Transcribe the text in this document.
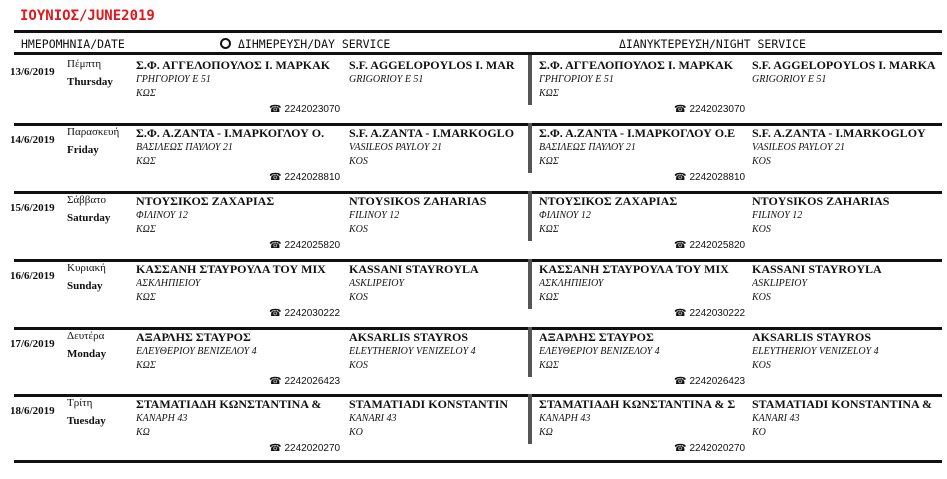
ΙΟΥΝΙΟΣ/JUNE2019
ΗΜΕΡΟΜΗΝΙΑ/DATE	ΔΙΗΜΕΡΕΥΣΗ/DAY SERVICE	ΔΙΑΝΥΚΤΕΡΕΥΣΗ/NIGHT SERVICE
13/6/2019
Πέμπτη
Thursday
Σ.Φ. ΑΓΓΕΛΟΠΟΥΛΟΣ Ι. ΜΑΡΚΑΚ
ΓΡΗΓΟΡΙΟΥ Ε 51
ΚΩΣ
S.F. AGGELOPOYLOS I. MAR
GRIGORIOY E 51
☎ 2242023070
Σ.Φ. ΑΓΓΕΛΟΠΟΥΛΟΣ Ι. ΜΑΡΚΑΚ
ΓΡΗΓΟΡΙΟΥ Ε 51
ΚΩΣ
S.F. AGGELOPOYLOS I. MARKA
GRIGORIOY E 51
☎ 2242023070
14/6/2019
Παρασκευή
Friday
Σ.Φ. Α.ΖΑΝΤΑ - Ι.ΜΑΡΚΟΓΛΟΥ Ο.
ΒΑΣΙΛΕΩΣ ΠΑΥΛΟΥ 21
ΚΩΣ
S.F. A.ZANTA - I.MARKOGLO
VASILEOS PAYLOY 21
KOS
☎ 2242028810
Σ.Φ. Α.ΖΑΝΤΑ - Ι.ΜΑΡΚΟΓΛΟΥ Ο.Ε
ΒΑΣΙΛΕΩΣ ΠΑΥΛΟΥ 21
ΚΩΣ
S.F. A.ZANTA - I.MARKOGLOY
VASILEOS PAYLOY 21
KOS
☎ 2242028810
15/6/2019
Σάββατο
Saturday
ΝΤΟΥΣΙΚΟΣ ΖΑΧΑΡΙΑΣ
ΦΙΛΙΝΟΥ 12
ΚΩΣ
NTOYSIKOS ZAHARIAS
FILINOY 12
KOS
☎ 2242025820
ΝΤΟΥΣΙΚΟΣ ΖΑΧΑΡΙΑΣ
ΦΙΛΙΝΟΥ 12
ΚΩΣ
NTOYSIKOS ZAHARIAS
FILINOY 12
KOS
☎ 2242025820
16/6/2019
Κυριακή
Sunday
ΚΑΣΣΑΝΗ ΣΤΑΥΡΟΥΛΑ ΤΟΥ ΜΙΧ
ΑΣΚΛΗΠΙΕΙΟΥ
ΚΩΣ
KASSANI STAYROYLA
ASKLIPEIOY
KOS
☎ 2242030222
ΚΑΣΣΑΝΗ ΣΤΑΥΡΟΥΛΑ ΤΟΥ ΜΙΧ
ΑΣΚΛΗΠΙΕΙΟΥ
ΚΩΣ
KASSANI STAYROYLA
ASKLIPEIOY
KOS
☎ 2242030222
17/6/2019
Δευτέρα
Monday
ΑΞΑΡΛΗΣ ΣΤΑΥΡΟΣ
ΕΛΕΥΘΕΡΙΟΥ ΒΕΝΙΖΕΛΟΥ 4
ΚΩΣ
AKSARLIS STAYROS
ELEYTHERIOY VENIZELOY 4
KOS
☎ 2242026423
ΑΞΑΡΛΗΣ ΣΤΑΥΡΟΣ
ΕΛΕΥΘΕΡΙΟΥ ΒΕΝΙΖΕΛΟΥ 4
ΚΩΣ
AKSARLIS STAYROS
ELEYTHERIOY VENIZELOY 4
KOS
☎ 2242026423
18/6/2019
Τρίτη
Tuesday
ΣΤΑΜΑΤΙΑΔΗ ΚΩΝΣΤΑΝΤΙΝΑ &
ΚΑΝΑΡΗ 43
ΚΩ
STAMATIADI KONSTANTIN
KANARI 43
KO
☎ 2242020270
ΣΤΑΜΑΤΙΑΔΗ ΚΩΝΣΤΑΝΤΙΝΑ & Σ
ΚΑΝΑΡΗ 43
ΚΩ
STAMATIADI KONSTANTINA &
KANARI 43
KO
☎ 2242020270
